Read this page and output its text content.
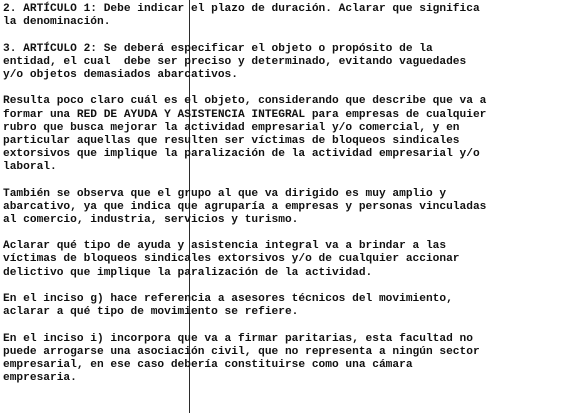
2. ARTÍCULO 1: Debe indicar el plazo de duración. Aclarar que significa
la denominación.
3. ARTÍCULO 2: Se deberá especificar el objeto o propósito de la
entidad, el cual  debe ser preciso y determinado, evitando vaguedades
y/o objetos demasiados abarcativos.
Resulta poco claro cuál es el objeto, considerando que describe que va a
formar una RED DE AYUDA Y ASISTENCIA INTEGRAL para empresas de cualquier
rubro que busca mejorar la actividad empresarial y/o comercial, y en
particular aquellas que resulten ser víctimas de bloqueos sindicales
extorsivos que implique la paralización de la actividad empresarial y/o
laboral.
También se observa que el grupo al que va dirigido es muy amplio y
abarcativo, ya que indica que agruparía a empresas y personas vinculadas
al comercio, industria, servicios y turismo.
Aclarar qué tipo de ayuda y asistencia integral va a brindar a las
víctimas de bloqueos sindicales extorsivos y/o de cualquier accionar
delictivo que implique la paralización de la actividad.
En el inciso g) hace referencia a asesores técnicos del movimiento,
aclarar a qué tipo de movimiento se refiere.
En el inciso i) incorpora que va a firmar paritarias, esta facultad no
puede arrogarse una asociación civil, que no representa a ningún sector
empresarial, en ese caso debería constituirse como una cámara
empresaria.
